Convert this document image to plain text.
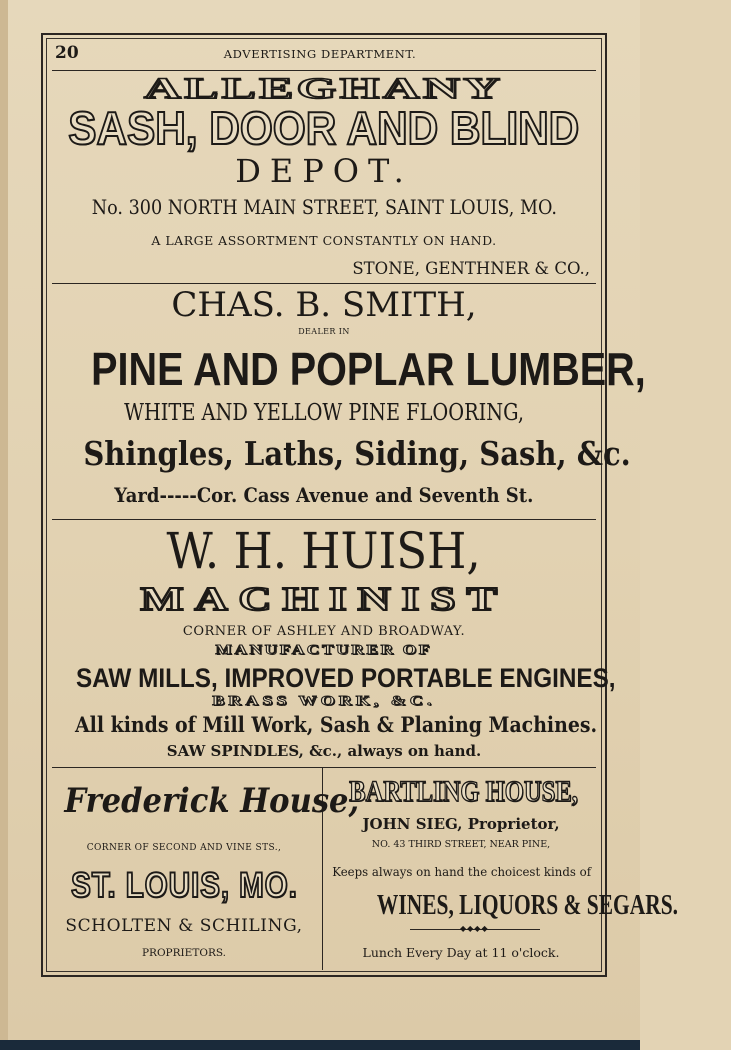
20	ADVERTISING DEPARTMENT.
ALLEGHANY
SASH, DOOR AND BLIND
DEPOT.
No. 300 NORTH MAIN STREET, SAINT LOUIS, MO.
A LARGE ASSORTMENT CONSTANTLY ON HAND.
STONE, GENTHNER & CO.,
CHAS. B. SMITH,
DEALER IN
PINE AND POPLAR LUMBER,
WHITE AND YELLOW PINE FLOORING,
Shingles, Laths, Siding, Sash, &c.
Yard-----Cor. Cass Avenue and Seventh St.
W. H. HUISH,
MACHINIST
CORNER OF ASHLEY AND BROADWAY.
MANUFACTURER OF
SAW MILLS, IMPROVED PORTABLE ENGINES,
BRASS WORK, &C.
All kinds of Mill Work, Sash & Planing Machines.
SAW SPINDLES, &c., always on hand.
Frederick House,
CORNER OF SECOND AND VINE STS.,
ST. LOUIS, MO.
SCHOLTEN & SCHILING,
PROPRIETORS.
BARTLING HOUSE,
JOHN SIEG, Proprietor,
NO. 43 THIRD STREET, NEAR PINE,
Keeps always on hand the choicest kinds of
WINES, LIQUORS & SEGARS.
◆◆◆◆
Lunch Every Day at 11 o'clock.
